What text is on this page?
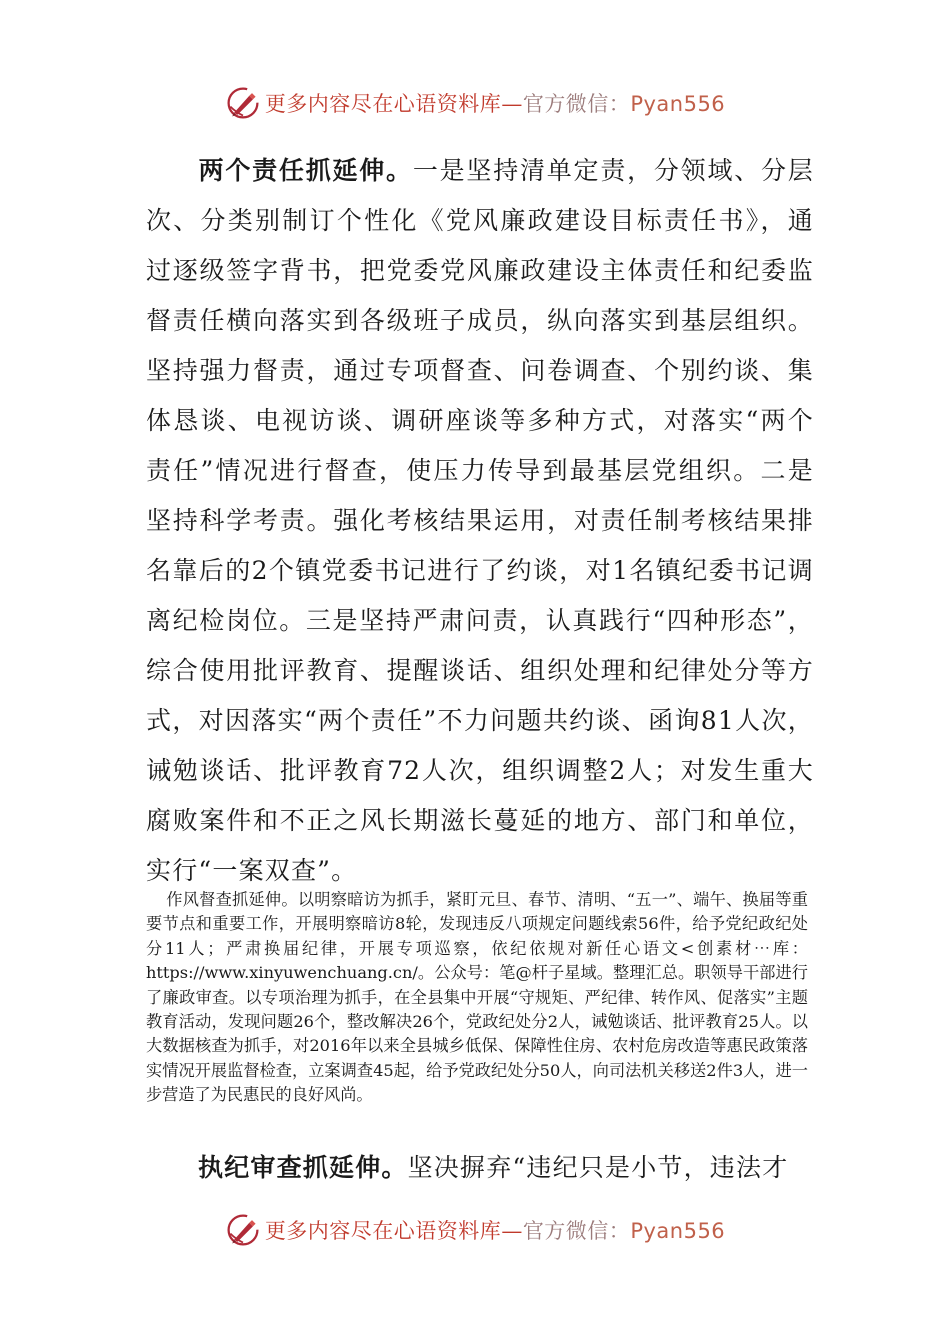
更多内容尽在心语资料库—官方微信：Pyan556

两个责任抓延伸。一是坚持清单定责，分领域、分层次、分类别制订个性化《党风廉政建设目标责任书》，通过逐级签字背书，把党委党风廉政建设主体责任和纪委监督责任横向落实到各级班子成员，纵向落实到基层组织。坚持强力督责，通过专项督查、问卷调查、个别约谈、集体恳谈、电视访谈、调研座谈等多种方式，对落实“两个责任”情况进行督查，使压力传导到最基层党组织。二是坚持科学考责。强化考核结果运用，对责任制考核结果排名靠后的2个镇党委书记进行了约谈，对1名镇纪委书记调离纪检岗位。三是坚持严肃问责，认真践行“四种形态”，综合使用批评教育、提醒谈话、组织处理和纪律处分等方式，对因落实“两个责任”不力问题共约谈、函询81人次，诫勉谈话、批评教育72人次，组织调整2人；对发生重大腐败案件和不正之风长期滋长蔓延的地方、部门和单位，实行“一案双查”。

作风督查抓延伸。以明察暗访为抓手，紧盯元旦、春节、清明、“五一”、端午、换届等重要节点和重要工作，开展明察暗访8轮，发现违反八项规定问题线索56件，给予党纪政纪处分11人；严肃换届纪律，开展专项巡察，依纪依规对新任心语文<创素材⋯库：https://www.xinyuwenchuang.cn/。公众号：笔@杆子星域。整理汇总。职领导干部进行了廉政审查。以专项治理为抓手，在全县集中开展“守规矩、严纪律、转作风、促落实”主题教育活动，发现问题26个，整改解决26个，党政纪处分2人，诫勉谈话、批评教育25人。以大数据核查为抓手，对2016年以来全县城乡低保、保障性住房、农村危房改造等惠民政策落实情况开展监督检查，立案调查45起，给予党政纪处分50人，向司法机关移送2件3人，进一步营造了为民惠民的良好风尚。

执纪审查抓延伸。坚决摒弃“违纪只是小节，违法才

更多内容尽在心语资料库—官方微信：Pyan556
